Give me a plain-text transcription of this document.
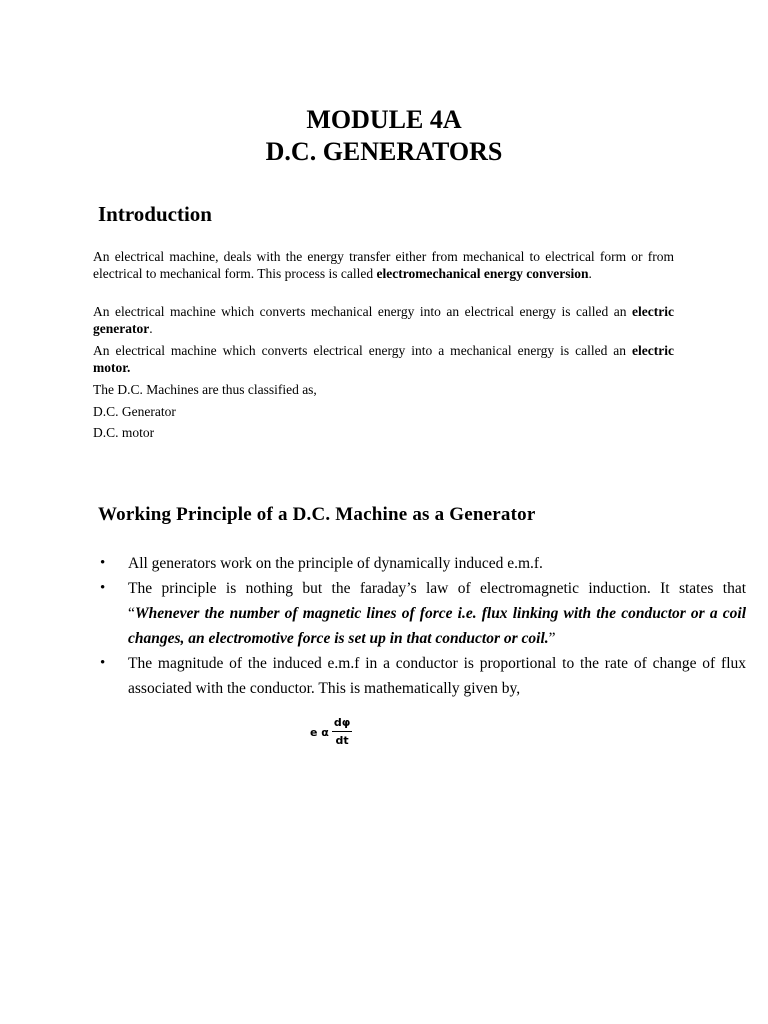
MODULE 4A
D.C. GENERATORS
Introduction
An electrical machine, deals with the energy transfer either from mechanical to electrical form or from electrical to mechanical form. This process is called electromechanical energy conversion.
An electrical machine which converts mechanical energy into an electrical energy is called an electric generator.
An electrical machine which converts electrical energy into a mechanical energy is called an electric motor.
The D.C. Machines are thus classified as,
D.C. Generator
D.C. motor
Working Principle of a D.C. Machine as a Generator
• All generators work on the principle of dynamically induced e.m.f.
• The principle is nothing but the faraday’s law of electromagnetic induction. It states that “Whenever the number of magnetic lines of force i.e. flux linking with the conductor or a coil changes, an electromotive force is set up in that conductor or coil.”
• The magnitude of the induced e.m.f in a conductor is proportional to the rate of change of flux associated with the conductor. This is mathematically given by,
e α $\frac{d\varphi}{dt}$
